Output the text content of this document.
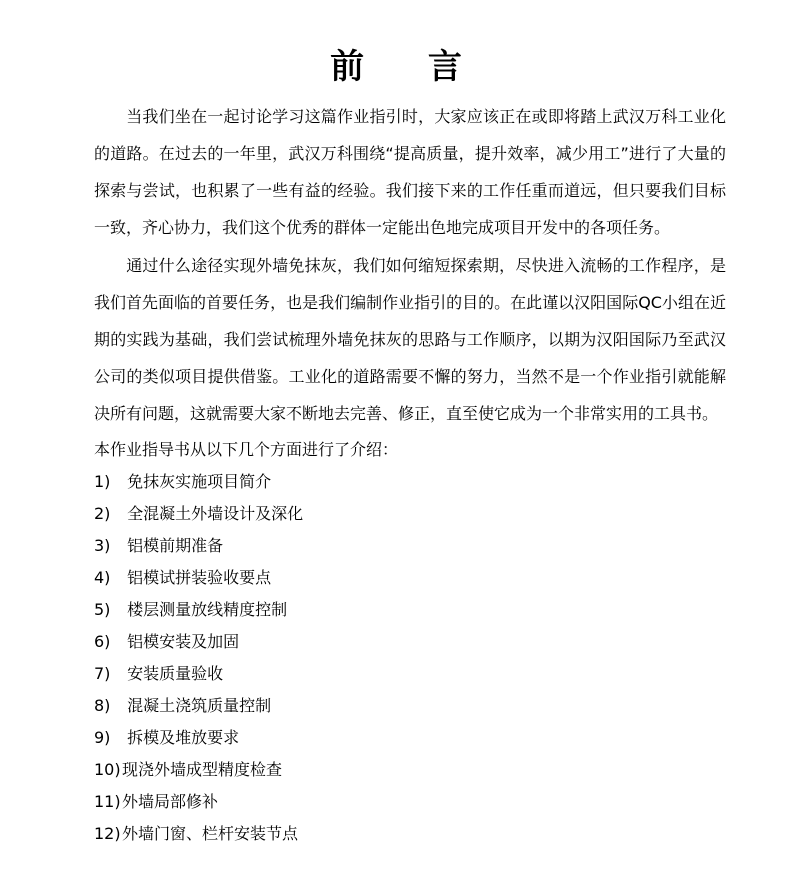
前 言
当我们坐在一起讨论学习这篇作业指引时，大家应该正在或即将踏上武汉万科工业化的道路。在过去的一年里，武汉万科围绕“提高质量，提升效率，减少用工”进行了大量的探索与尝试，也积累了一些有益的经验。我们接下来的工作任重而道远，但只要我们目标一致，齐心协力，我们这个优秀的群体一定能出色地完成项目开发中的各项任务。
通过什么途径实现外墙免抹灰，我们如何缩短探索期，尽快进入流畅的工作程序，是我们首先面临的首要任务，也是我们编制作业指引的目的。在此谨以汉阳国际QC小组在近期的实践为基础，我们尝试梳理外墙免抹灰的思路与工作顺序，以期为汉阳国际乃至武汉公司的类似项目提供借鉴。工业化的道路需要不懈的努力，当然不是一个作业指引就能解决所有问题，这就需要大家不断地去完善、修正，直至使它成为一个非常实用的工具书。
本作业指导书从以下几个方面进行了介绍：
1) 免抹灰实施项目简介
2) 全混凝土外墙设计及深化
3) 铝模前期准备
4) 铝模试拼装验收要点
5) 楼层测量放线精度控制
6) 铝模安装及加固
7) 安装质量验收
8) 混凝土浇筑质量控制
9) 拆模及堆放要求
10)现浇外墙成型精度检查
11)外墙局部修补
12)外墙门窗、栏杆安装节点
